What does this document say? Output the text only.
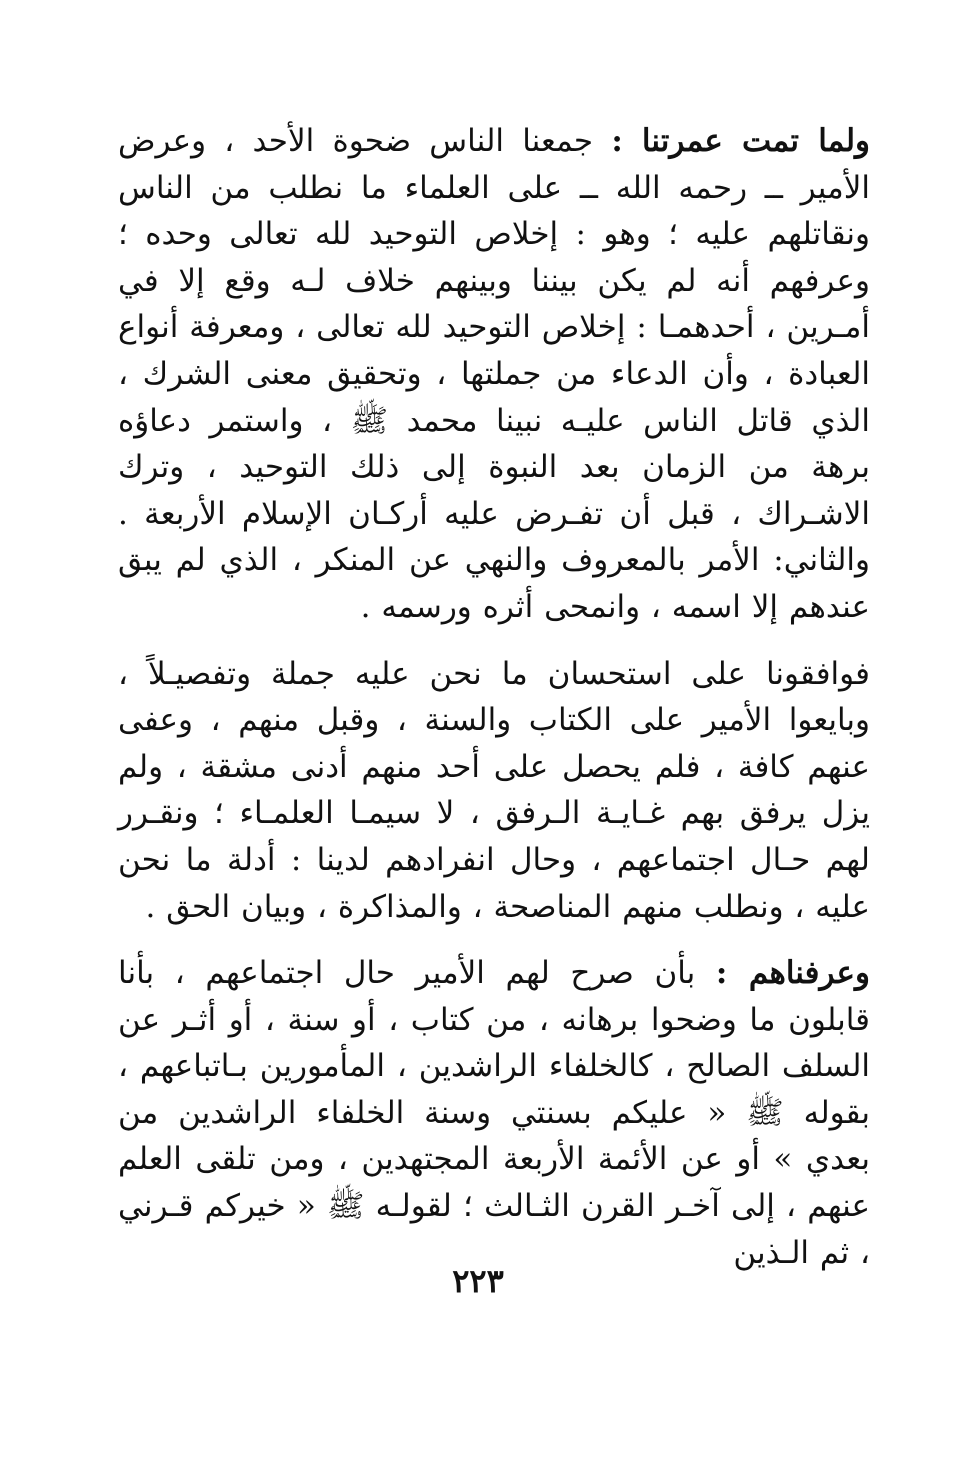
ولما تمت عمرتنا : جمعنا الناس ضحوة الأحد ، وعرض الأمير ــ رحمه الله ــ على العلماء ما نطلب من الناس ونقاتلهم عليه ؛ وهو : إخلاص التوحيد لله تعالى وحده ؛ وعرفهم أنه لم يكن بيننا وبينهم خلاف لـه وقع إلا في أمـرين ، أحدهمـا : إخلاص التوحيد لله تعالى ، ومعرفة أنواع العبادة ، وأن الدعاء من جملتها ، وتحقيق معنى الشرك ، الذي قاتل الناس عليـه نبينا محمد ﷺ ، واستمر دعاؤه برهة من الزمان بعد النبوة إلى ذلك التوحيد ، وترك الاشـراك ، قبل أن تفـرض عليه أركـان الإسلام الأربعة . والثاني: الأمر بالمعروف والنهي عن المنكر ، الذي لم يبق عندهم إلا اسمه ، وانمحى أثره ورسمه .

فوافقونا على استحسان ما نحن عليه جملة وتفصيـلاً ، وبايعوا الأمير على الكتاب والسنة ، وقبل منهم ، وعفى عنهم كافة ، فلم يحصل على أحد منهم أدنى مشقة ، ولم يزل يرفق بهم غـايـة الـرفق ، لا سيمـا العلمـاء ؛ ونقـرر لهم حـال اجتماعهم ، وحال انفرادهم لدينا : أدلة ما نحن عليه ، ونطلب منهم المناصحة ، والمذاكرة ، وبيان الحق .

وعرفناهم : بأن صرح لهم الأمير حال اجتماعهم ، بأنا قابلون ما وضحوا برهانه ، من كتاب ، أو سنة ، أو أثـر عن السلف الصالح ، كالخلفاء الراشدين ، المأمورين بـاتباعهم ، بقوله ﷺ « عليكم بسنتي وسنة الخلفاء الراشدين من بعدي » أو عن الأئمة الأربعة المجتهدين ، ومن تلقى العلم عنهم ، إلى آخـر القرن الثـالث ؛ لقولـه ﷺ « خيركم قـرني ، ثم الـذين

٢٢٣
